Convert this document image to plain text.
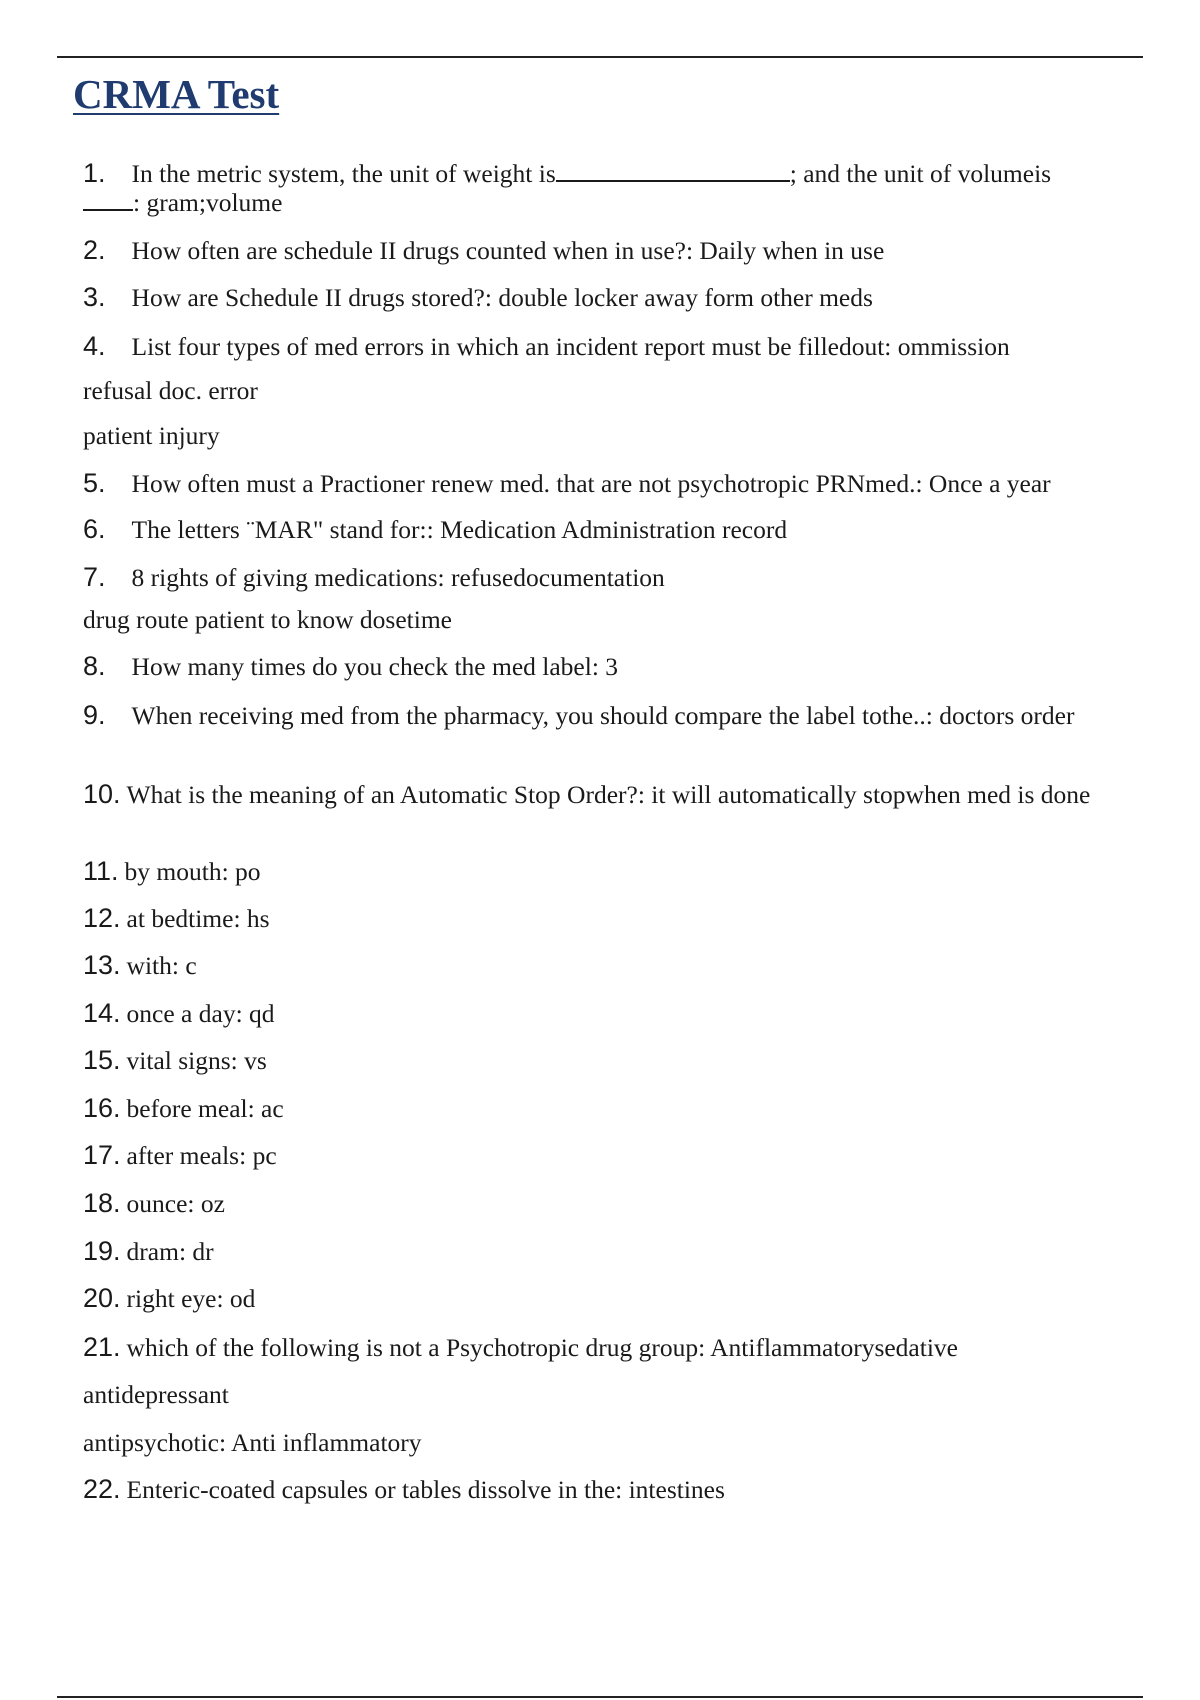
CRMA Test

1. In the metric system, the unit of weight is	; and the unit of volumeis

: gram;volume

2. How often are schedule II drugs counted when in use?: Daily when in use

3. How are Schedule II drugs stored?: double locker away form other meds

4. List four types of med errors in which an incident report must be filledout: ommission

refusal doc. error

patient injury

5. How often must a Practioner renew med. that are not psychotropic PRNmed.: Once a year

6. The letters ¨MAR" stand for:: Medication Administration record

7. 8 rights of giving medications: refusedocumentation

drug route patient to know dosetime

8. How many times do you check the med label: 3

9. When receiving med from the pharmacy, you should compare the label tothe..: doctors order

10. What is the meaning of an Automatic Stop Order?: it will automatically stopwhen med is done

11. by mouth: po

12. at bedtime: hs

13. with: c

14. once a day: qd

15. vital signs: vs

16. before meal: ac

17. after meals: pc

18. ounce: oz

19. dram: dr

20. right eye: od

21. which of the following is not a Psychotropic drug group: Antiflammatorysedative

antidepressant

antipsychotic: Anti inflammatory

22. Enteric-coated capsules or tables dissolve in the: intestines
